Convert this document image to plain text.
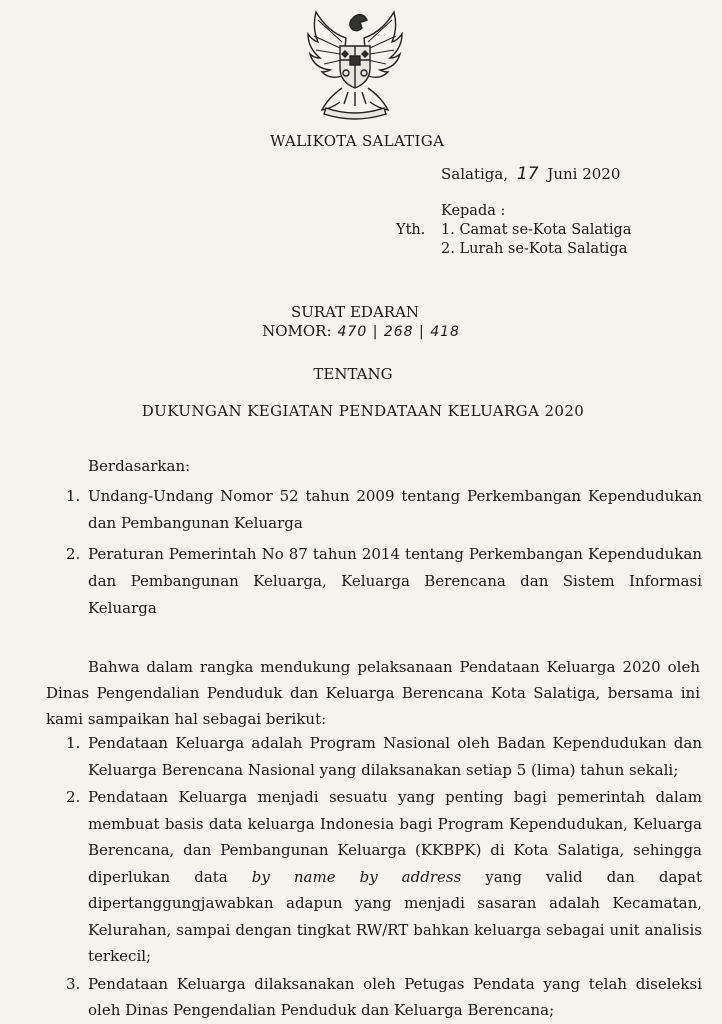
WALIKOTA SALATIGA
Salatiga, 17 Juni 2020
Kepada :
Yth.	1. Camat se-Kota Salatiga
2. Lurah se-Kota Salatiga
SURAT EDARAN
NOMOR: 470 | 268 | 418
TENTANG
DUKUNGAN KEGIATAN PENDATAAN KELUARGA 2020
Berdasarkan:
1. Undang-Undang Nomor 52 tahun 2009 tentang Perkembangan Kependudukan dan Pembangunan Keluarga
2. Peraturan Pemerintah No 87 tahun 2014 tentang Perkembangan Kependudukan dan Pembangunan Keluarga, Keluarga Berencana dan Sistem Informasi Keluarga
Bahwa dalam rangka mendukung pelaksanaan Pendataan Keluarga 2020 oleh Dinas Pengendalian Penduduk dan Keluarga Berencana Kota Salatiga, bersama ini kami sampaikan hal sebagai berikut:
1. Pendataan Keluarga adalah Program Nasional oleh Badan Kependudukan dan Keluarga Berencana Nasional yang dilaksanakan setiap 5 (lima) tahun sekali;
2. Pendataan Keluarga menjadi sesuatu yang penting bagi pemerintah dalam membuat basis data keluarga Indonesia bagi Program Kependudukan, Keluarga Berencana, dan Pembangunan Keluarga (KKBPK) di Kota Salatiga, sehingga diperlukan data by name by address yang valid dan dapat dipertanggungjawabkan adapun yang menjadi sasaran adalah Kecamatan, Kelurahan, sampai dengan tingkat RW/RT bahkan keluarga sebagai unit analisis terkecil;
3. Pendataan Keluarga dilaksanakan oleh Petugas Pendata yang telah diseleksi oleh Dinas Pengendalian Penduduk dan Keluarga Berencana;
